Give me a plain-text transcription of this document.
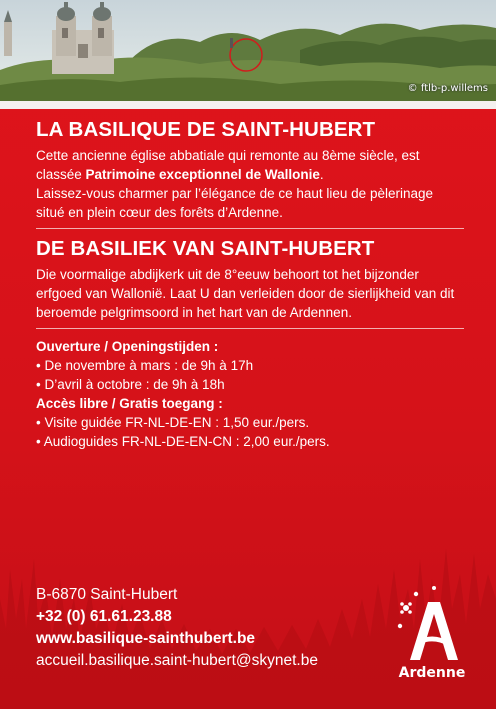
© ftlb-p.willems
LA BASILIQUE DE SAINT-HUBERT

Cette ancienne église abbatiale qui remonte au 8ème siècle, est classée Patrimoine exceptionnel de Wallonie.

Laissez-vous charmer par l’élégance de ce haut lieu de pèlerinage situé en plein cœur des forêts d’Ardenne.

DE BASILIEK VAN SAINT-HUBERT

Die voormalige abdijkerk uit de 8°eeuw behoort tot het bijzonder erfgoed van Wallonië. Laat U dan verleiden door de sierlijkheid van dit beroemde pelgrimsoord in het hart van de Ardennen.

Ouverture / Openingstijden :

• De novembre à mars : de 9h à 17h

• D’avril à octobre : de 9h à 18h

Accès libre / Gratis toegang :

• Visite guidée FR-NL-DE-EN : 1,50 eur./pers.

• Audioguides FR-NL-DE-EN-CN : 2,00 eur./pers.

B-6870 Saint-Hubert
+32 (0) 61.61.23.88
www.basilique-sainthubert.be
accueil.basilique.saint-hubert@skynet.be
Ardenne
